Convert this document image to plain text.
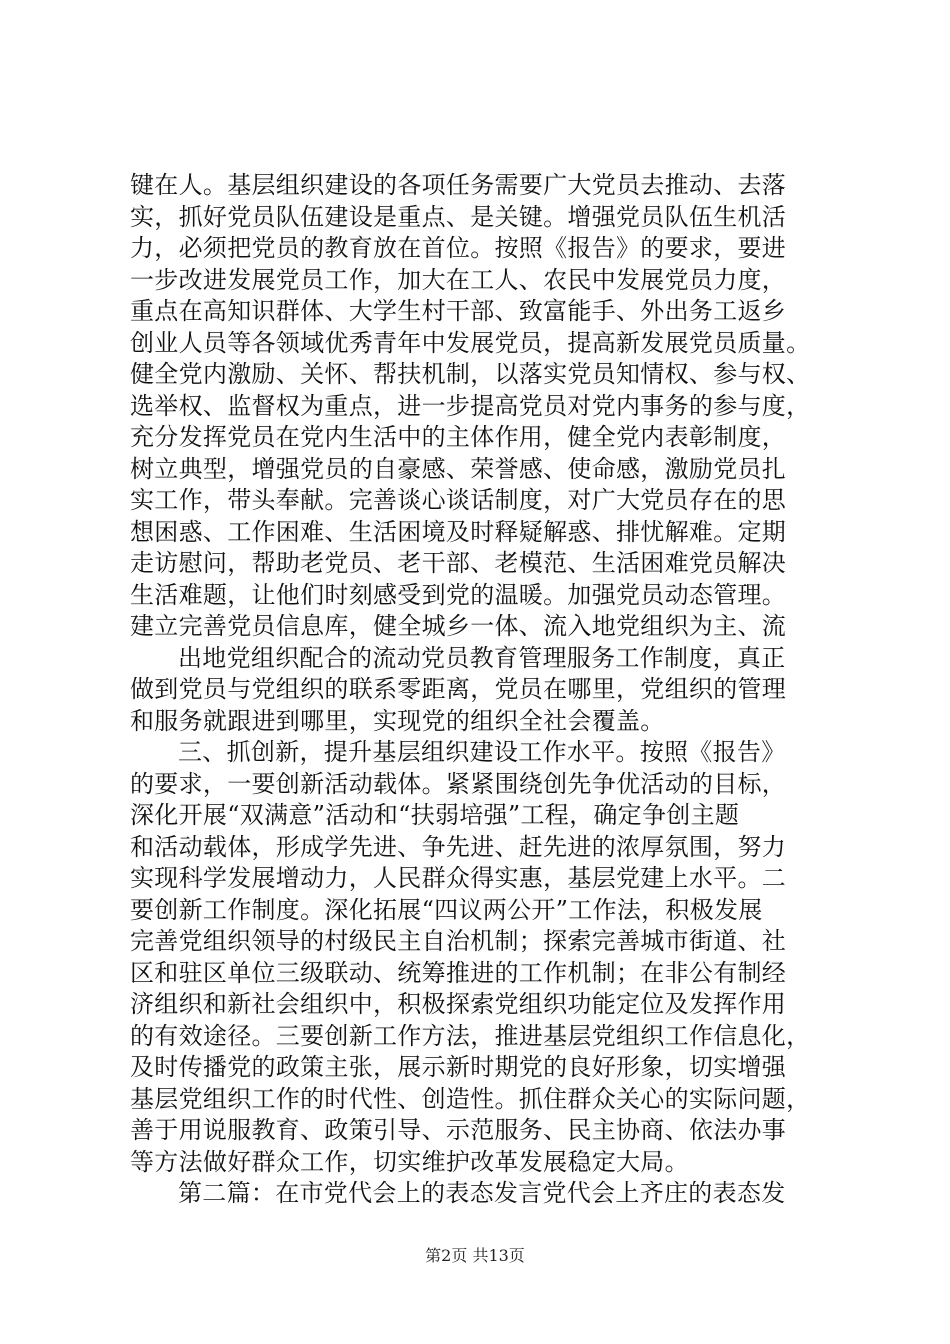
键在人。基层组织建设的各项任务需要广大党员去推动、去落
实，抓好党员队伍建设是重点、是关键。增强党员队伍生机活
力，必须把党员的教育放在首位。按照《报告》的要求，要进
一步改进发展党员工作，加大在工人、农民中发展党员力度，
重点在高知识群体、大学生村干部、致富能手、外出务工返乡
创业人员等各领域优秀青年中发展党员，提高新发展党员质量。
健全党内激励、关怀、帮扶机制，以落实党员知情权、参与权、
选举权、监督权为重点，进一步提高党员对党内事务的参与度，
充分发挥党员在党内生活中的主体作用，健全党内表彰制度，
树立典型，增强党员的自豪感、荣誉感、使命感，激励党员扎
实工作，带头奉献。完善谈心谈话制度，对广大党员存在的思
想困惑、工作困难、生活困境及时释疑解惑、排忧解难。定期
走访慰问，帮助老党员、老干部、老模范、生活困难党员解决
生活难题，让他们时刻感受到党的温暖。加强党员动态管理。
建立完善党员信息库，健全城乡一体、流入地党组织为主、流
出地党组织配合的流动党员教育管理服务工作制度，真正
做到党员与党组织的联系零距离，党员在哪里，党组织的管理
和服务就跟进到哪里，实现党的组织全社会覆盖。
三、抓创新，提升基层组织建设工作水平。按照《报告》
的要求，一要创新活动载体。紧紧围绕创先争优活动的目标，
深化开展“双满意”活动和“扶弱培强”工程，确定争创主题
和活动载体，形成学先进、争先进、赶先进的浓厚氛围，努力
实现科学发展增动力，人民群众得实惠，基层党建上水平。二
要创新工作制度。深化拓展“四议两公开”工作法，积极发展
完善党组织领导的村级民主自治机制；探索完善城市街道、社
区和驻区单位三级联动、统筹推进的工作机制；在非公有制经
济组织和新社会组织中，积极探索党组织功能定位及发挥作用
的有效途径。三要创新工作方法，推进基层党组织工作信息化，
及时传播党的政策主张，展示新时期党的良好形象，切实增强
基层党组织工作的时代性、创造性。抓住群众关心的实际问题，
善于用说服教育、政策引导、示范服务、民主协商、依法办事
等方法做好群众工作，切实维护改革发展稳定大局。
第二篇：在市党代会上的表态发言党代会上齐庄的表态发
第2页 共13页
